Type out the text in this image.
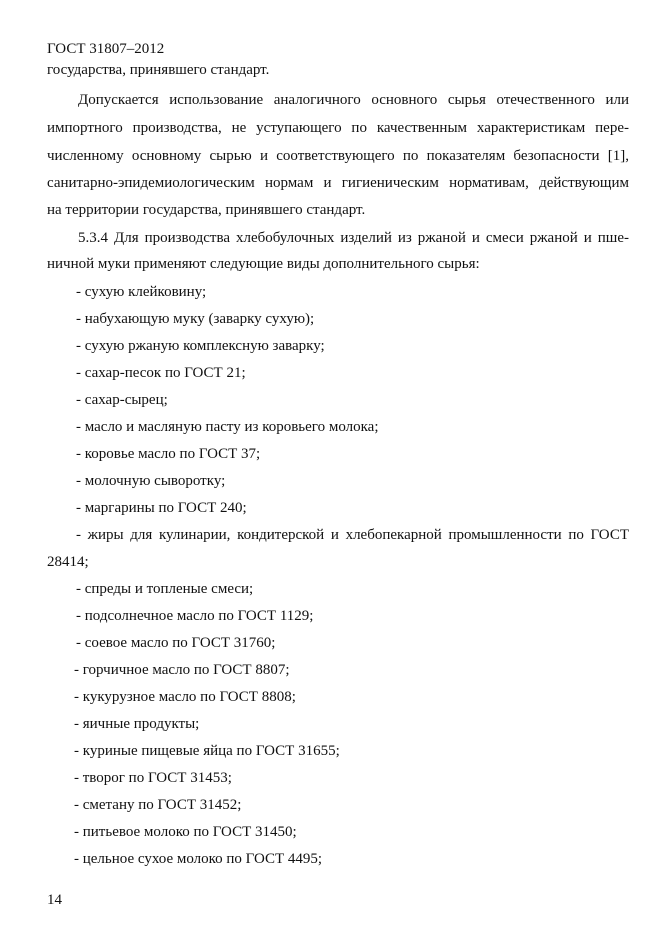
ГОСТ 31807–2012
государства, принявшего стандарт.
Допускается использование аналогичного основного сырья отечественного или
импортного производства, не уступающего по качественным характеристикам пере-
численному основному сырью и соответствующего по показателям безопасности [1],
санитарно-эпидемиологическим нормам и гигиеническим нормативам, действующим
на территории государства, принявшего стандарт.
5.3.4 Для производства хлебобулочных изделий из ржаной и смеси ржаной и пше-
ничной муки применяют следующие виды дополнительного сырья:
- сухую клейковину;
- набухающую муку (заварку сухую);
- сухую ржаную комплексную заварку;
- сахар-песок по ГОСТ 21;
- сахар-сырец;
- масло и масляную пасту из коровьего молока;
- коровье масло по ГОСТ 37;
- молочную сыворотку;
- маргарины по ГОСТ 240;
- жиры для кулинарии, кондитерской и хлебопекарной промышленности по ГОСТ
28414;
- спреды и топленые смеси;
- подсолнечное масло по ГОСТ 1129;
- соевое масло по ГОСТ 31760;
- горчичное масло по ГОСТ 8807;
- кукурузное масло по ГОСТ 8808;
- яичные продукты;
- куриные пищевые яйца по ГОСТ 31655;
- творог по ГОСТ 31453;
- сметану по ГОСТ 31452;
- питьевое молоко по ГОСТ 31450;
- цельное сухое молоко по ГОСТ 4495;
14
